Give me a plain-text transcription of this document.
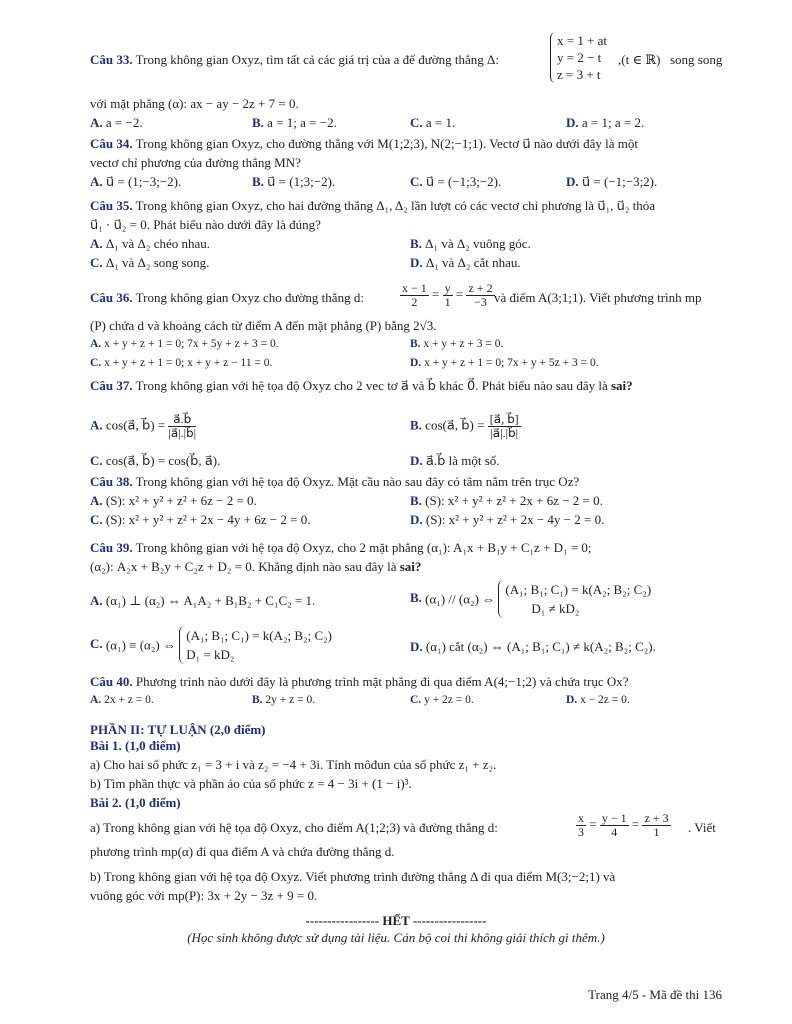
Câu 33. Trong không gian Oxyz, tìm tất cả các giá trị của a để đường thẳng Δ:
x = 1 + at
y = 2 − t
z = 3 + t
,(t ∈ ℝ) song song
với mặt phẳng (α): ax − ay − 2z + 7 = 0.
A. a = −2.	B. a = 1; a = −2.	C. a = 1.	D. a = 1; a = 2.
Câu 34. Trong không gian Oxyz, cho đường thẳng với M(1;2;3), N(2;−1;1). Vectơ u⃗ nào dưới đây là một
vectơ chỉ phương của đường thẳng MN?
A. u⃗ = (1;−3;−2).	B. u⃗ = (1;3;−2).	C. u⃗ = (−1;3;−2).	D. u⃗ = (−1;−3;2).
Câu 35. Trong không gian Oxyz, cho hai đường thẳng Δ₁, Δ₂ lần lượt có các vectơ chỉ phương là u⃗₁, u⃗₂ thỏa
u⃗₁ · u⃗₂ = 0. Phát biểu nào dưới đây là đúng?
A. Δ₁ và Δ₂ chéo nhau.	B. Δ₁ và Δ₂ vuông góc.
C. Δ₁ và Δ₂ song song.	D. Δ₁ và Δ₂ cắt nhau.
Câu 36. Trong không gian Oxyz cho đường thẳng d:	$\frac{x - 1}{2} = \frac{y}{1} = \frac{z + 2}{-3}$ và điểm A(3;1;1). Viết phương trình mp
(P) chứa d và khoảng cách từ điểm A đến mặt phẳng (P) bằng 2√3.
A. x + y + z + 1 = 0; 7x + 5y + z + 3 = 0.	B. x + y + z + 3 = 0.
C. x + y + z + 1 = 0; x + y + z − 11 = 0.	D. x + y + z + 1 = 0; 7x + y + 5z + 3 = 0.
Câu 37. Trong không gian với hệ tọa độ Oxyz cho 2 vec tơ a⃗ và b⃗ khác 0⃗. Phát biểu nào sau đây là sai?
A. cos(a⃗, b⃗) = $\frac{a⃗.b⃗}{|a⃗|.|b⃗|}$	B. cos(a⃗, b⃗) = $\frac{[a⃗, b⃗]}{|a⃗|.|b⃗|}$
C. cos(a⃗, b⃗) = cos(b⃗, a⃗).	D. a⃗.b⃗ là một số.
Câu 38. Trong không gian với hệ tọa độ Oxyz. Mặt cầu nào sau đây có tâm nằm trên trục Oz?
A. (S): x² + y² + z² + 6z − 2 = 0.	B. (S): x² + y² + z² + 2x + 6z − 2 = 0.
C. (S): x² + y² + z² + 2x − 4y + 6z − 2 = 0.	D. (S): x² + y² + z² + 2x − 4y − 2 = 0.
Câu 39. Trong không gian với hệ tọa độ Oxyz, cho 2 mặt phẳng (α₁): A₁x + B₁y + C₁z + D₁ = 0;
(α₂): A₂x + B₂y + C₂z + D₂ = 0. Khẳng định nào sau đây là sai?
A. (α₁) ⊥ (α₂) ⇔ A₁A₂ + B₁B₂ + C₁C₂ = 1.	B. (α₁) // (α₂) ⇔
(A₁; B₁; C₁) = k(A₂; B₂; C₂)
D₁ ≠ kD₂
C. (α₁) ≡ (α₂) ⇔
(A₁; B₁; C₁) = k(A₂; B₂; C₂)
D₁ = kD₂
D. (α₁) cắt (α₂) ⇔ (A₁; B₁; C₁) ≠ k(A₂; B₂; C₂).
Câu 40. Phương trình nào dưới đây là phương trình mặt phẳng đi qua điểm A(4;−1;2) và chứa trục Ox?
A. 2x + z = 0.	B. 2y + z = 0.	C. y + 2z = 0.	D. x − 2z = 0.
PHẦN II: TỰ LUẬN (2,0 điểm)
Bài 1. (1,0 điểm)
a) Cho hai số phức z₁ = 3 + i và z₂ = −4 + 3i. Tính môđun của số phức z₁ + z₂.
b) Tìm phần thực và phần ảo của số phức z = 4 − 3i + (1 − i)³.
Bài 2. (1,0 điểm)
a) Trong không gian với hệ tọa độ Oxyz, cho điểm A(1;2;3) và đường thẳng d:	$\frac{x}{3} = \frac{y - 1}{4} = \frac{z + 3}{1}$ . Viết
phương trình mp(α) đi qua điểm A và chứa đường thẳng d.
b) Trong không gian với hệ tọa độ Oxyz. Viết phương trình đường thẳng Δ đi qua điểm M(3;−2;1) và
vuông góc với mp(P): 3x + 2y − 3z + 9 = 0.
----------------- HẾT -----------------
(Học sinh không được sử dụng tài liệu. Cán bộ coi thi không giải thích gì thêm.)
Trang 4/5 - Mã đề thi 136
